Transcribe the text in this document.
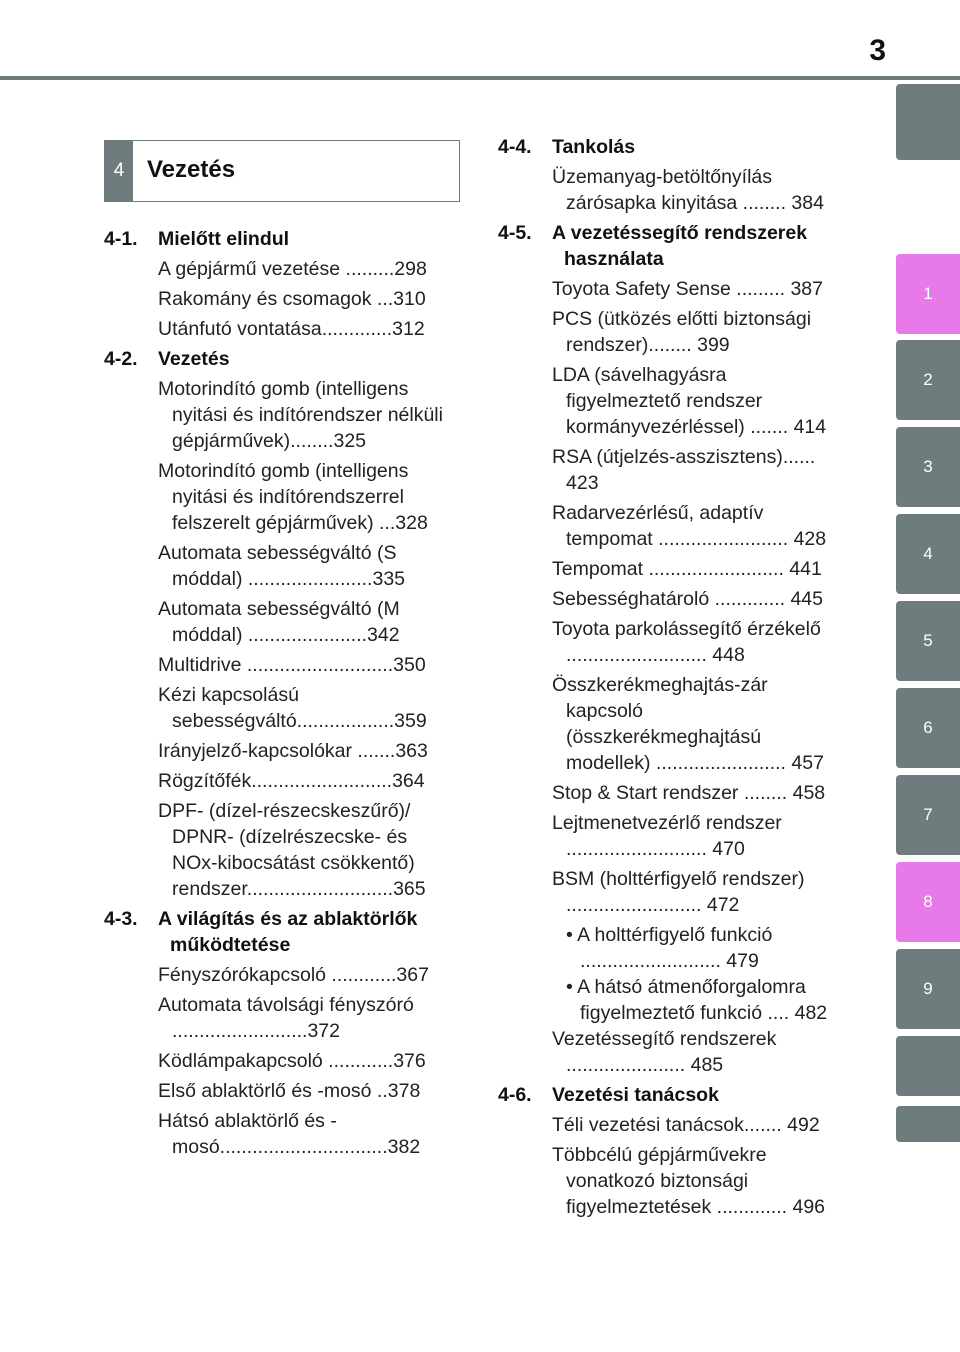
3
1
2
3
4
5
6
7
8
9
4 Vezetés
4-1.	Mielőtt elindul
A gépjármű vezetése .........298
Rakomány és csomagok ...310
Utánfutó vontatása.............312
4-2.	Vezetés
Motorindító gomb (intelligens nyitási és indítórendszer nélküli gépjárművek)........325
Motorindító gomb (intelligens nyitási és indítórendszerrel felszerelt gépjárművek) ...328
Automata sebességváltó (S móddal) .......................335
Automata sebességváltó (M móddal) ......................342
Multidrive ...........................350
Kézi kapcsolású sebességváltó..................359
Irányjelző-kapcsolókar .......363
Rögzítőfék..........................364
DPF- (dízel-részecskeszűrő)/ DPNR- (dízelrészecske- és NOx-kibocsátást csökkentő) rendszer...........................365
4-3.	A világítás és az ablaktörlők működtetése
Fényszórókapcsoló ............367
Automata távolsági fényszóró .........................372
Ködlámpakapcsoló ............376
Első ablaktörlő és -mosó ..378
Hátsó ablaktörlő és -mosó...............................382
4-4.	Tankolás
Üzemanyag-betöltőnyílás zárósapka kinyitása ........ 384
4-5.	A vezetéssegítő rendszerek használata
Toyota Safety Sense ......... 387
PCS (ütközés előtti biztonsági rendszer)........ 399
LDA (sávelhagyásra figyelmeztető rendszer kormányvezérléssel) ....... 414
RSA (útjelzés-asszisztens)...... 423
Radarvezérlésű, adaptív tempomat ........................ 428
Tempomat ......................... 441
Sebességhatároló ............. 445
Toyota parkolássegítő érzékelő .......................... 448
Összkerékmeghajtás-zár kapcsoló (összkerékmeghajtású modellek) ........................ 457
Stop & Start rendszer ........ 458
Lejtmenetvezérlő rendszer .......................... 470
BSM (holttérfigyelő rendszer) ......................... 472
• A holttérfigyelő funkció .......................... 479
• A hátsó átmenőforgalomra figyelmeztető funkció .... 482
Vezetéssegítő rendszerek ...................... 485
4-6.	Vezetési tanácsok
Téli vezetési tanácsok....... 492
Többcélú gépjárművekre vonatkozó biztonsági figyelmeztetések ............. 496
